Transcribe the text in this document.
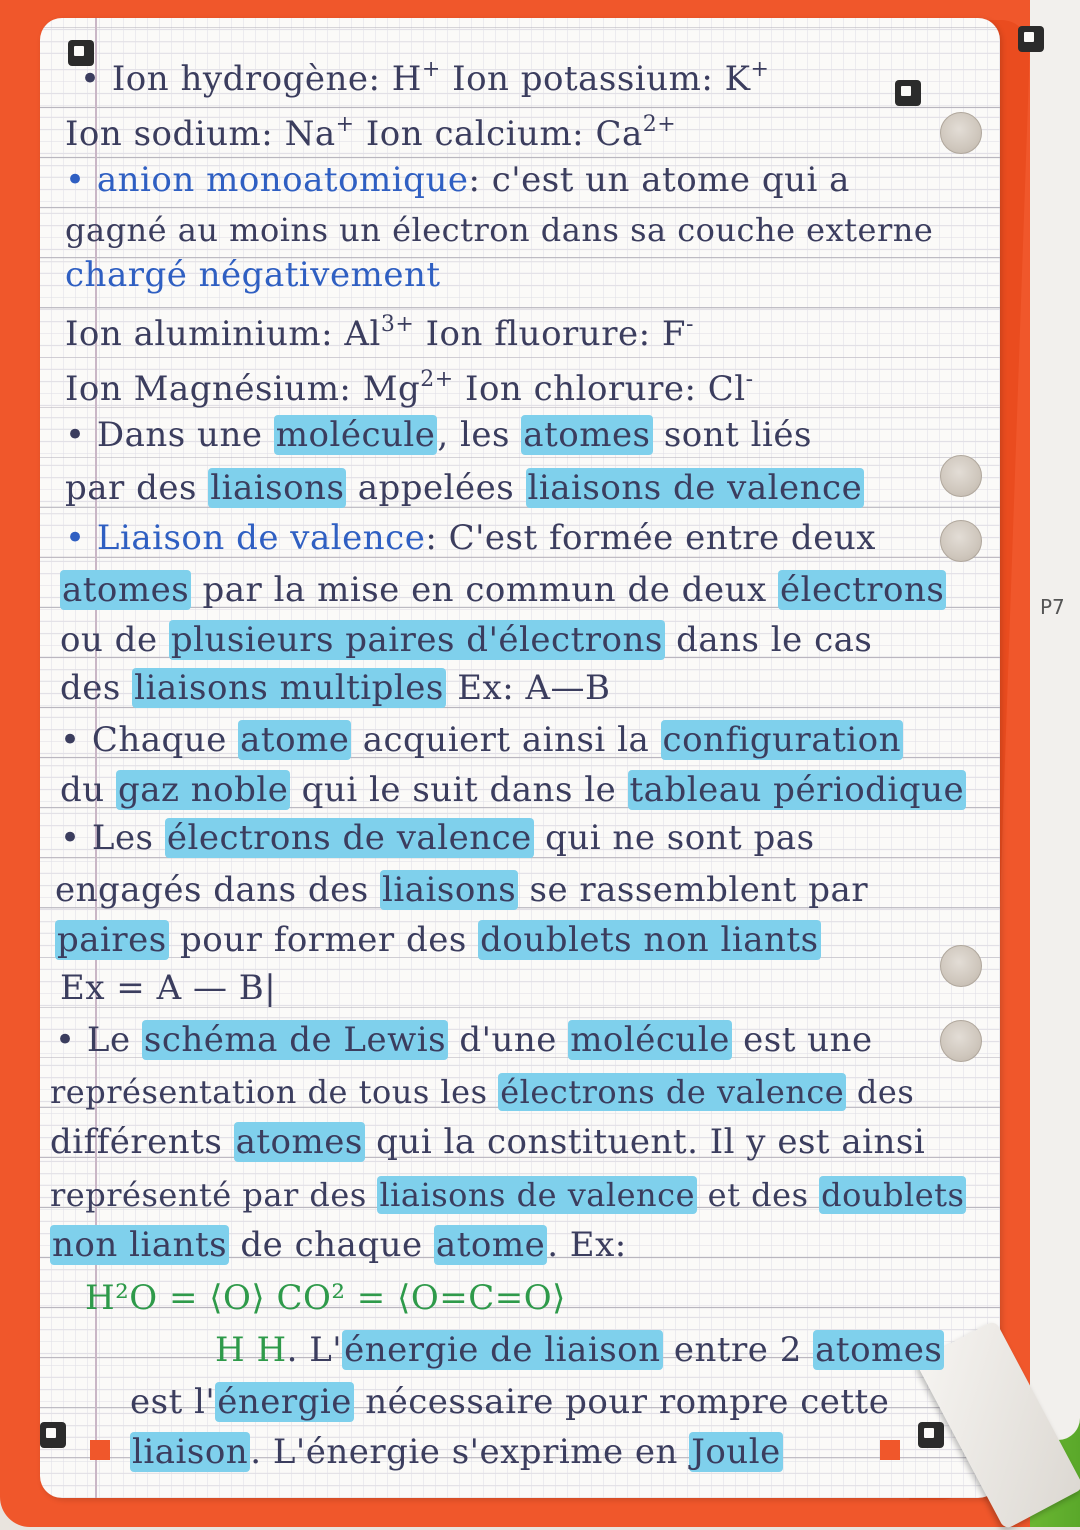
P7
• Ion hydrogène: H+ Ion potassium: K+
Ion sodium: Na+ Ion calcium: $Ca^{2+}$
• anion monoatomique: c'est un atome qui a
gagné au moins un électron dans sa couche externe
chargé négativement
Ion aluminium: $Al^{3+}$ Ion fluorure: F-
Ion Magnésium: $Mg^{2+}$ Ion chlorure: Cl-
• Dans une molécule, les atomes sont liés
par des liaisons appelées liaisons de valence
• Liaison de valence: C'est formée entre deux
atomes par la mise en commun de deux électrons
ou de plusieurs paires d'électrons dans le cas
des liaisons multiples Ex: A—B
• Chaque atome acquiert ainsi la configuration
du gaz noble qui le suit dans le tableau périodique
• Les électrons de valence qui ne sont pas
engagés dans des liaisons se rassemblent par
paires pour former des doublets non liants
Ex = A — B|
• Le schéma de Lewis d'une molécule est une
représentation de tous les électrons de valence des
différents atomes qui la constituent. Il y est ainsi
représenté par des liaisons de valence et des doublets
non liants de chaque atome. Ex:
H²O = ⟨O⟩ CO² = ⟨O=C=O⟩
H H. L'énergie de liaison entre 2 atomes
est l'énergie nécessaire pour rompre cette
liaison. L'énergie s'exprime en Joule
